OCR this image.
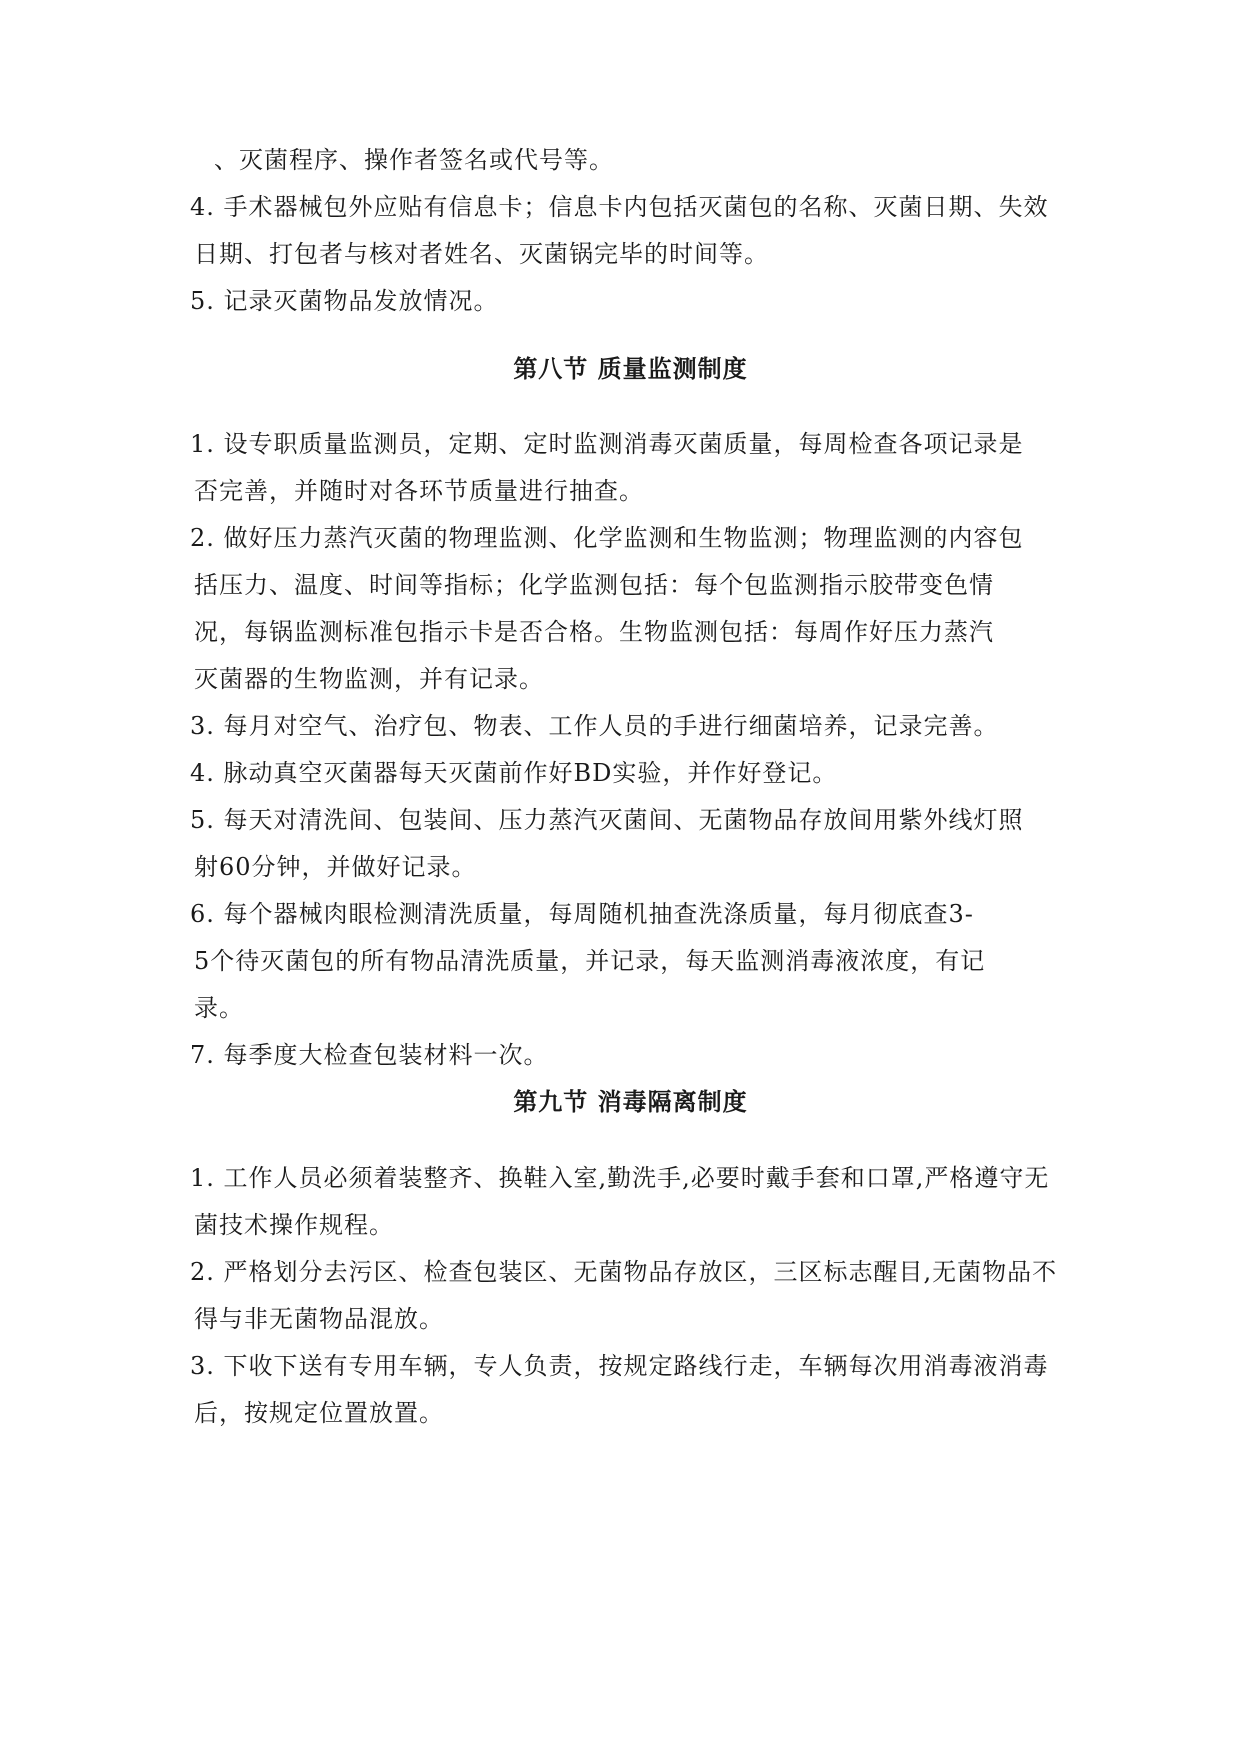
、灭菌程序、操作者签名或代号等。
4. 手术器械包外应贴有信息卡；信息卡内包括灭菌包的名称、灭菌日期、失效
日期、打包者与核对者姓名、灭菌锅完毕的时间等。
5. 记录灭菌物品发放情况。
第八节 质量监测制度
1. 设专职质量监测员，定期、定时监测消毒灭菌质量，每周检查各项记录是
否完善，并随时对各环节质量进行抽查。
2. 做好压力蒸汽灭菌的物理监测、化学监测和生物监测；物理监测的内容包
括压力、温度、时间等指标；化学监测包括：每个包监测指示胶带变色情
况，每锅监测标准包指示卡是否合格。生物监测包括：每周作好压力蒸汽
灭菌器的生物监测，并有记录。
3. 每月对空气、治疗包、物表、工作人员的手进行细菌培养，记录完善。
4. 脉动真空灭菌器每天灭菌前作好BD实验，并作好登记。
5. 每天对清洗间、包装间、压力蒸汽灭菌间、无菌物品存放间用紫外线灯照
射60分钟，并做好记录。
6. 每个器械肉眼检测清洗质量，每周随机抽查洗涤质量，每月彻底查3-
5个待灭菌包的所有物品清洗质量，并记录，每天监测消毒液浓度，有记
录。
7. 每季度大检查包装材料一次。
第九节 消毒隔离制度
1. 工作人员必须着装整齐、换鞋入室,勤洗手,必要时戴手套和口罩,严格遵守无
菌技术操作规程。
2. 严格划分去污区、检查包装区、无菌物品存放区，三区标志醒目,无菌物品不
得与非无菌物品混放。
3. 下收下送有专用车辆，专人负责，按规定路线行走，车辆每次用消毒液消毒
后，按规定位置放置。
